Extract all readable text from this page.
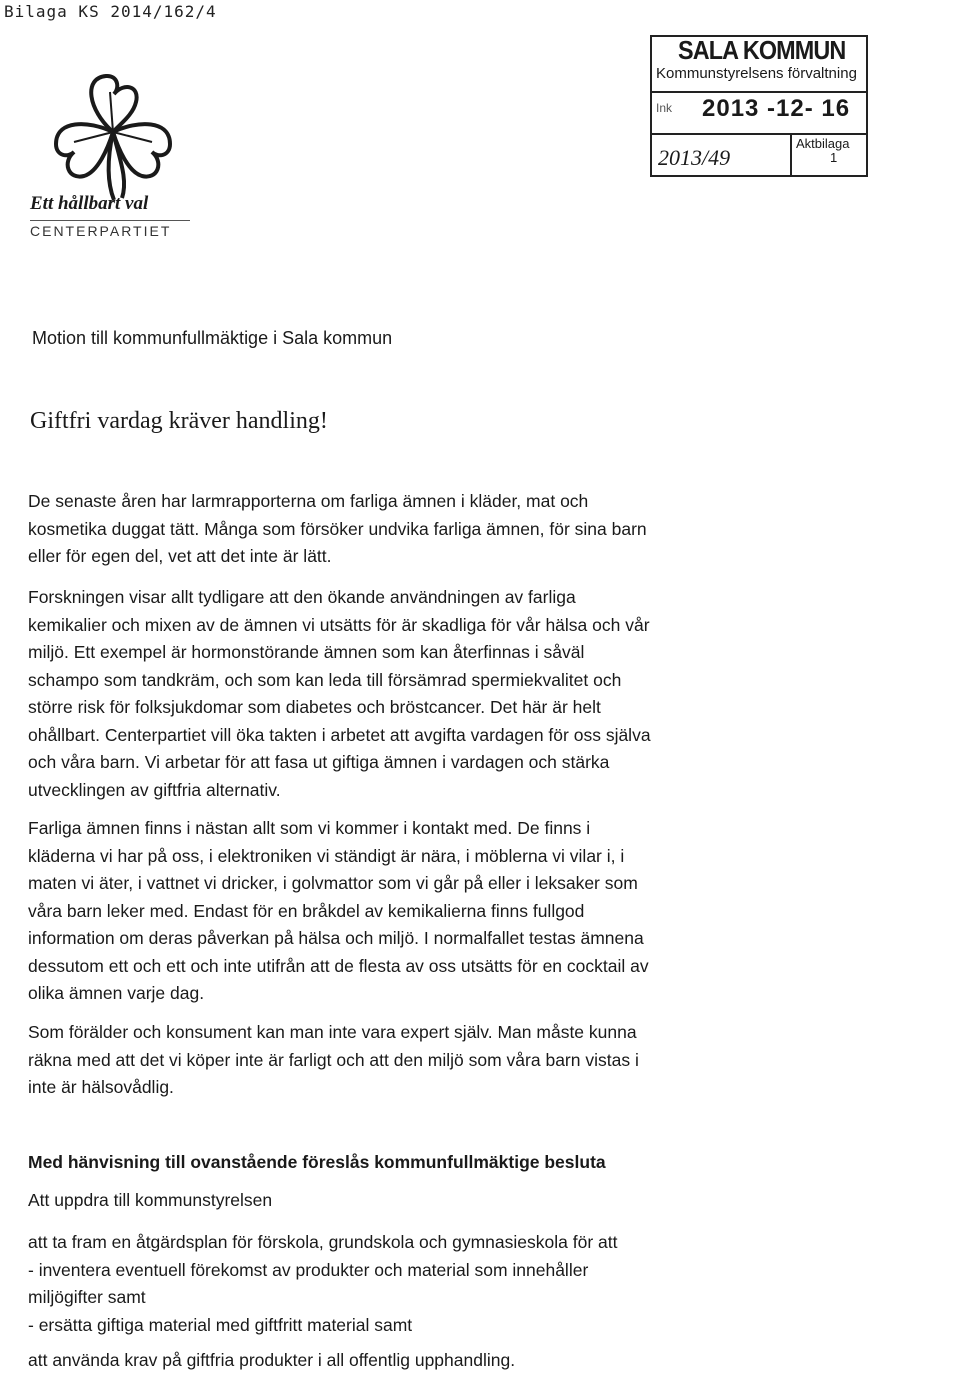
Bilaga KS 2014/162/4
Ett hållbart val
CENTERPARTIET
SALA KOMMUN
Kommunstyrelsens förvaltning
Ink 2013 -12- 16
2013/49
Aktbilaga
1
Motion till kommunfullmäktige i Sala kommun
Giftfri vardag kräver handling!
De senaste åren har larmrapporterna om farliga ämnen i kläder, mat och
kosmetika duggat tätt. Många som försöker undvika farliga ämnen, för sina barn
eller för egen del, vet att det inte är lätt.
Forskningen visar allt tydligare att den ökande användningen av farliga
kemikalier och mixen av de ämnen vi utsätts för är skadliga för vår hälsa och vår
miljö. Ett exempel är hormonstörande ämnen som kan återfinnas i såväl
schampo som tandkräm, och som kan leda till försämrad spermiekvalitet och
större risk för folksjukdomar som diabetes och bröstcancer. Det här är helt
ohållbart. Centerpartiet vill öka takten i arbetet att avgifta vardagen för oss själva
och våra barn. Vi arbetar för att fasa ut giftiga ämnen i vardagen och stärka
utvecklingen av giftfria alternativ.
Farliga ämnen finns i nästan allt som vi kommer i kontakt med. De finns i
kläderna vi har på oss, i elektroniken vi ständigt är nära, i möblerna vi vilar i, i
maten vi äter, i vattnet vi dricker, i golvmattor som vi går på eller i leksaker som
våra barn leker med. Endast för en bråkdel av kemikalierna finns fullgod
information om deras påverkan på hälsa och miljö. I normalfallet testas ämnena
dessutom ett och ett och inte utifrån att de flesta av oss utsätts för en cocktail av
olika ämnen varje dag.
Som förälder och konsument kan man inte vara expert själv. Man måste kunna
räkna med att det vi köper inte är farligt och att den miljö som våra barn vistas i
inte är hälsovådlig.
Med hänvisning till ovanstående föreslås kommunfullmäktige besluta
Att uppdra till kommunstyrelsen
att ta fram en åtgärdsplan för förskola, grundskola och gymnasieskola för att
- inventera eventuell förekomst av produkter och material som innehåller
miljögifter samt
- ersätta giftiga material med giftfritt material samt
att använda krav på giftfria produkter i all offentlig upphandling.
